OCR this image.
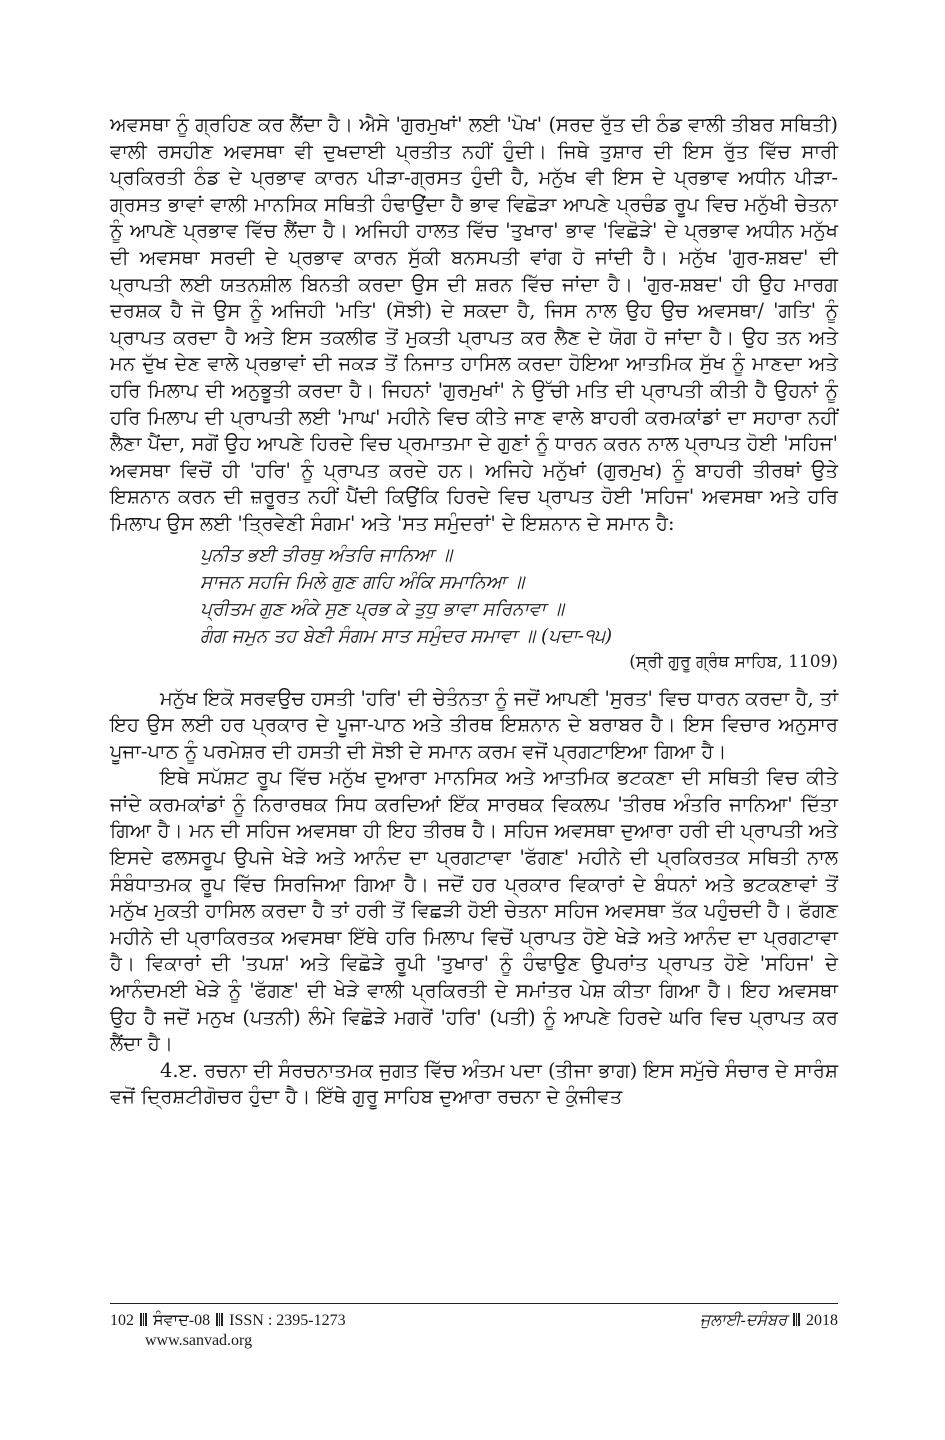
ਅਵਸਥਾ ਨੂੰ ਗ੍ਰਹਿਣ ਕਰ ਲੈਂਦਾ ਹੈ। ਐਸੇ 'ਗੁਰਮੁਖਾਂ' ਲਈ 'ਪੋਖ' (ਸਰਦ ਰੁੱਤ ਦੀ ਠੰਡ ਵਾਲੀ ਤੀਬਰ ਸਥਿਤੀ) ਵਾਲੀ ਰਸਹੀਣ ਅਵਸਥਾ ਵੀ ਦੁਖਦਾਈ ਪ੍ਰਤੀਤ ਨਹੀਂ ਹੁੰਦੀ। ਜਿਥੇ ਤੁਸ਼ਾਰ ਦੀ ਇਸ ਰੁੱਤ ਵਿੱਚ ਸਾਰੀ ਪ੍ਰਕਿਰਤੀ ਠੰਡ ਦੇ ਪ੍ਰਭਾਵ ਕਾਰਨ ਪੀੜਾ-ਗ੍ਰਸਤ ਹੁੰਦੀ ਹੈ, ਮਨੁੱਖ ਵੀ ਇਸ ਦੇ ਪ੍ਰਭਾਵ ਅਧੀਨ ਪੀੜਾ-ਗ੍ਰਸਤ ਭਾਵਾਂ ਵਾਲੀ ਮਾਨਸਿਕ ਸਥਿਤੀ ਹੰਢਾਉਂਦਾ ਹੈ ਭਾਵ ਵਿਛੋੜਾ ਆਪਣੇ ਪ੍ਰਚੰਡ ਰੂਪ ਵਿਚ ਮਨੁੱਖੀ ਚੇਤਨਾ ਨੂੰ ਆਪਣੇ ਪ੍ਰਭਾਵ ਵਿੱਚ ਲੈਂਦਾ ਹੈ। ਅਜਿਹੀ ਹਾਲਤ ਵਿੱਚ 'ਤੁਖਾਰ' ਭਾਵ 'ਵਿਛੋੜੇ' ਦੇ ਪ੍ਰਭਾਵ ਅਧੀਨ ਮਨੁੱਖ ਦੀ ਅਵਸਥਾ ਸਰਦੀ ਦੇ ਪ੍ਰਭਾਵ ਕਾਰਨ ਸੁੱਕੀ ਬਨਸਪਤੀ ਵਾਂਗ ਹੋ ਜਾਂਦੀ ਹੈ। ਮਨੁੱਖ 'ਗੁਰ-ਸ਼ਬਦ' ਦੀ ਪ੍ਰਾਪਤੀ ਲਈ ਯਤਨਸ਼ੀਲ ਬਿਨਤੀ ਕਰਦਾ ਉਸ ਦੀ ਸ਼ਰਨ ਵਿੱਚ ਜਾਂਦਾ ਹੈ। 'ਗੁਰ-ਸ਼ਬਦ' ਹੀ ਉਹ ਮਾਰਗ ਦਰਸ਼ਕ ਹੈ ਜੋ ਉਸ ਨੂੰ ਅਜਿਹੀ 'ਮਤਿ' (ਸੋਝੀ) ਦੇ ਸਕਦਾ ਹੈ, ਜਿਸ ਨਾਲ ਉਹ ਉਚ ਅਵਸਥਾ/ 'ਗਤਿ' ਨੂੰ ਪ੍ਰਾਪਤ ਕਰਦਾ ਹੈ ਅਤੇ ਇਸ ਤਕਲੀਫ ਤੋਂ ਮੁਕਤੀ ਪ੍ਰਾਪਤ ਕਰ ਲੈਣ ਦੇ ਯੋਗ ਹੋ ਜਾਂਦਾ ਹੈ। ਉਹ ਤਨ ਅਤੇ ਮਨ ਦੁੱਖ ਦੇਣ ਵਾਲੇ ਪ੍ਰਭਾਵਾਂ ਦੀ ਜਕੜ ਤੋਂ ਨਿਜਾਤ ਹਾਸਿਲ ਕਰਦਾ ਹੋਇਆ ਆਤਮਿਕ ਸੁੱਖ ਨੂੰ ਮਾਣਦਾ ਅਤੇ ਹਰਿ ਮਿਲਾਪ ਦੀ ਅਨੁਭੂਤੀ ਕਰਦਾ ਹੈ। ਜਿਹਨਾਂ 'ਗੁਰਮੁਖਾਂ' ਨੇ ਉੱਚੀ ਮਤਿ ਦੀ ਪ੍ਰਾਪਤੀ ਕੀਤੀ ਹੈ ਉਹਨਾਂ ਨੂੰ ਹਰਿ ਮਿਲਾਪ ਦੀ ਪ੍ਰਾਪਤੀ ਲਈ 'ਮਾਘ' ਮਹੀਨੇ ਵਿਚ ਕੀਤੇ ਜਾਣ ਵਾਲੇ ਬਾਹਰੀ ਕਰਮਕਾਂਡਾਂ ਦਾ ਸਹਾਰਾ ਨਹੀਂ ਲੈਣਾ ਪੈਂਦਾ, ਸਗੋਂ ਉਹ ਆਪਣੇ ਹਿਰਦੇ ਵਿਚ ਪ੍ਰਮਾਤਮਾ ਦੇ ਗੁਣਾਂ ਨੂੰ ਧਾਰਨ ਕਰਨ ਨਾਲ ਪ੍ਰਾਪਤ ਹੋਈ 'ਸਹਿਜ' ਅਵਸਥਾ ਵਿਚੋਂ ਹੀ 'ਹਰਿ' ਨੂੰ ਪ੍ਰਾਪਤ ਕਰਦੇ ਹਨ। ਅਜਿਹੇ ਮਨੁੱਖਾਂ (ਗੁਰਮੁਖ) ਨੂੰ ਬਾਹਰੀ ਤੀਰਥਾਂ ਉਤੇ ਇਸ਼ਨਾਨ ਕਰਨ ਦੀ ਜ਼ਰੂਰਤ ਨਹੀਂ ਪੈਂਦੀ ਕਿਉਂਕਿ ਹਿਰਦੇ ਵਿਚ ਪ੍ਰਾਪਤ ਹੋਈ 'ਸਹਿਜ' ਅਵਸਥਾ ਅਤੇ ਹਰਿ ਮਿਲਾਪ ਉਸ ਲਈ 'ਤ੍ਰਿਵੇਣੀ ਸੰਗਮ' ਅਤੇ 'ਸਤ ਸਮੁੰਦਰਾਂ' ਦੇ ਇਸ਼ਨਾਨ ਦੇ ਸਮਾਨ ਹੈ:

ਪੁਨੀਤ ਭਈ ਤੀਰਥੁ ਅੰਤਰਿ ਜਾਨਿਆ ॥
ਸਾਜਨ ਸਹਜਿ ਮਿਲੇ ਗੁਣ ਗਹਿ ਅੰਕਿ ਸਮਾਨਿਆ ॥
ਪ੍ਰੀਤਮ ਗੁਣ ਅੰਕੇ ਸੁਣ ਪ੍ਰਭ ਕੇ ਤੁਧੁ ਭਾਵਾ ਸਰਿਨਾਵਾ ॥
ਗੰਗ ਜਮੁਨ ਤਹ ਬੇਣੀ ਸੰਗਮ ਸਾਤ ਸਮੁੰਦਰ ਸਮਾਵਾ ॥ (ਪਦਾ-੧੫)

(ਸ੍ਰੀ ਗੁਰੂ ਗ੍ਰੰਥ ਸਾਹਿਬ, 1109)

ਮਨੁੱਖ ਇਕੋ ਸਰਵਉਚ ਹਸਤੀ 'ਹਰਿ' ਦੀ ਚੇਤੰਨਤਾ ਨੂੰ ਜਦੋਂ ਆਪਣੀ 'ਸੁਰਤ' ਵਿਚ ਧਾਰਨ ਕਰਦਾ ਹੈ, ਤਾਂ ਇਹ ਉਸ ਲਈ ਹਰ ਪ੍ਰਕਾਰ ਦੇ ਪੂਜਾ-ਪਾਠ ਅਤੇ ਤੀਰਥ ਇਸ਼ਨਾਨ ਦੇ ਬਰਾਬਰ ਹੈ। ਇਸ ਵਿਚਾਰ ਅਨੁਸਾਰ ਪੂਜਾ-ਪਾਠ ਨੂੰ ਪਰਮੇਸ਼ਰ ਦੀ ਹਸਤੀ ਦੀ ਸੋਝੀ ਦੇ ਸਮਾਨ ਕਰਮ ਵਜੋਂ ਪ੍ਰਗਟਾਇਆ ਗਿਆ ਹੈ।

ਇਥੇ ਸਪੱਸ਼ਟ ਰੂਪ ਵਿੱਚ ਮਨੁੱਖ ਦੁਆਰਾ ਮਾਨਸਿਕ ਅਤੇ ਆਤਮਿਕ ਭਟਕਣਾ ਦੀ ਸਥਿਤੀ ਵਿਚ ਕੀਤੇ ਜਾਂਦੇ ਕਰਮਕਾਂਡਾਂ ਨੂੰ ਨਿਰਾਰਥਕ ਸਿਧ ਕਰਦਿਆਂ ਇੱਕ ਸਾਰਥਕ ਵਿਕਲਪ 'ਤੀਰਥ ਅੰਤਰਿ ਜਾਨਿਆ' ਦਿੱਤਾ ਗਿਆ ਹੈ। ਮਨ ਦੀ ਸਹਿਜ ਅਵਸਥਾ ਹੀ ਇਹ ਤੀਰਥ ਹੈ। ਸਹਿਜ ਅਵਸਥਾ ਦੁਆਰਾ ਹਰੀ ਦੀ ਪ੍ਰਾਪਤੀ ਅਤੇ ਇਸਦੇ ਫਲਸਰੂਪ ਉਪਜੇ ਖੇੜੇ ਅਤੇ ਆਨੰਦ ਦਾ ਪ੍ਰਗਟਾਵਾ 'ਫੱਗਣ' ਮਹੀਨੇ ਦੀ ਪ੍ਰਕਿਰਤਕ ਸਥਿਤੀ ਨਾਲ ਸੰਬੰਧਾਤਮਕ ਰੂਪ ਵਿੱਚ ਸਿਰਜਿਆ ਗਿਆ ਹੈ। ਜਦੋਂ ਹਰ ਪ੍ਰਕਾਰ ਵਿਕਾਰਾਂ ਦੇ ਬੰਧਨਾਂ ਅਤੇ ਭਟਕਣਾਵਾਂ ਤੋਂ ਮਨੁੱਖ ਮੁਕਤੀ ਹਾਸਿਲ ਕਰਦਾ ਹੈ ਤਾਂ ਹਰੀ ਤੋਂ ਵਿਛੜੀ ਹੋਈ ਚੇਤਨਾ ਸਹਿਜ ਅਵਸਥਾ ਤੱਕ ਪਹੁੰਚਦੀ ਹੈ। ਫੱਗਣ ਮਹੀਨੇ ਦੀ ਪ੍ਰਾਕਿਰਤਕ ਅਵਸਥਾ ਇੱਥੇ ਹਰਿ ਮਿਲਾਪ ਵਿਚੋਂ ਪ੍ਰਾਪਤ ਹੋਏ ਖੇੜੇ ਅਤੇ ਆਨੰਦ ਦਾ ਪ੍ਰਗਟਾਵਾ ਹੈ। ਵਿਕਾਰਾਂ ਦੀ 'ਤਪਸ਼' ਅਤੇ ਵਿਛੋੜੇ ਰੂਪੀ 'ਤੁਖਾਰ' ਨੂੰ ਹੰਢਾਉਣ ਉਪਰਾਂਤ ਪ੍ਰਾਪਤ ਹੋਏ 'ਸਹਿਜ' ਦੇ ਆਨੰਦਮਈ ਖੇੜੇ ਨੂੰ 'ਫੱਗਣ' ਦੀ ਖੇੜੇ ਵਾਲੀ ਪ੍ਰਕਿਰਤੀ ਦੇ ਸਮਾਂਤਰ ਪੇਸ਼ ਕੀਤਾ ਗਿਆ ਹੈ। ਇਹ ਅਵਸਥਾ ਉਹ ਹੈ ਜਦੋਂ ਮਨੁਖ (ਪਤਨੀ) ਲੰਮੇ ਵਿਛੋੜੇ ਮਗਰੋਂ 'ਹਰਿ' (ਪਤੀ) ਨੂੰ ਆਪਣੇ ਹਿਰਦੇ ਘਰਿ ਵਿਚ ਪ੍ਰਾਪਤ ਕਰ ਲੈਂਦਾ ਹੈ।

4.ੲ. ਰਚਨਾ ਦੀ ਸੰਰਚਨਾਤਮਕ ਜੁਗਤ ਵਿੱਚ ਅੰਤਮ ਪਦਾ (ਤੀਜਾ ਭਾਗ) ਇਸ ਸਮੁੱਚੇ ਸੰਚਾਰ ਦੇ ਸਾਰੰਸ਼ ਵਜੋਂ ਦ੍ਰਿਸ਼ਟੀਗੋਚਰ ਹੁੰਦਾ ਹੈ। ਇੱਥੇ ਗੁਰੂ ਸਾਹਿਬ ਦੁਆਰਾ ਰਚਨਾ ਦੇ ਕੁੰਜੀਵਤ

102 ਸੰਵਾਦ-08 ISSN : 2395-1273
www.sanvad.org
ਜੁਲਾਈ-ਦਸੰਬਰ 2018
